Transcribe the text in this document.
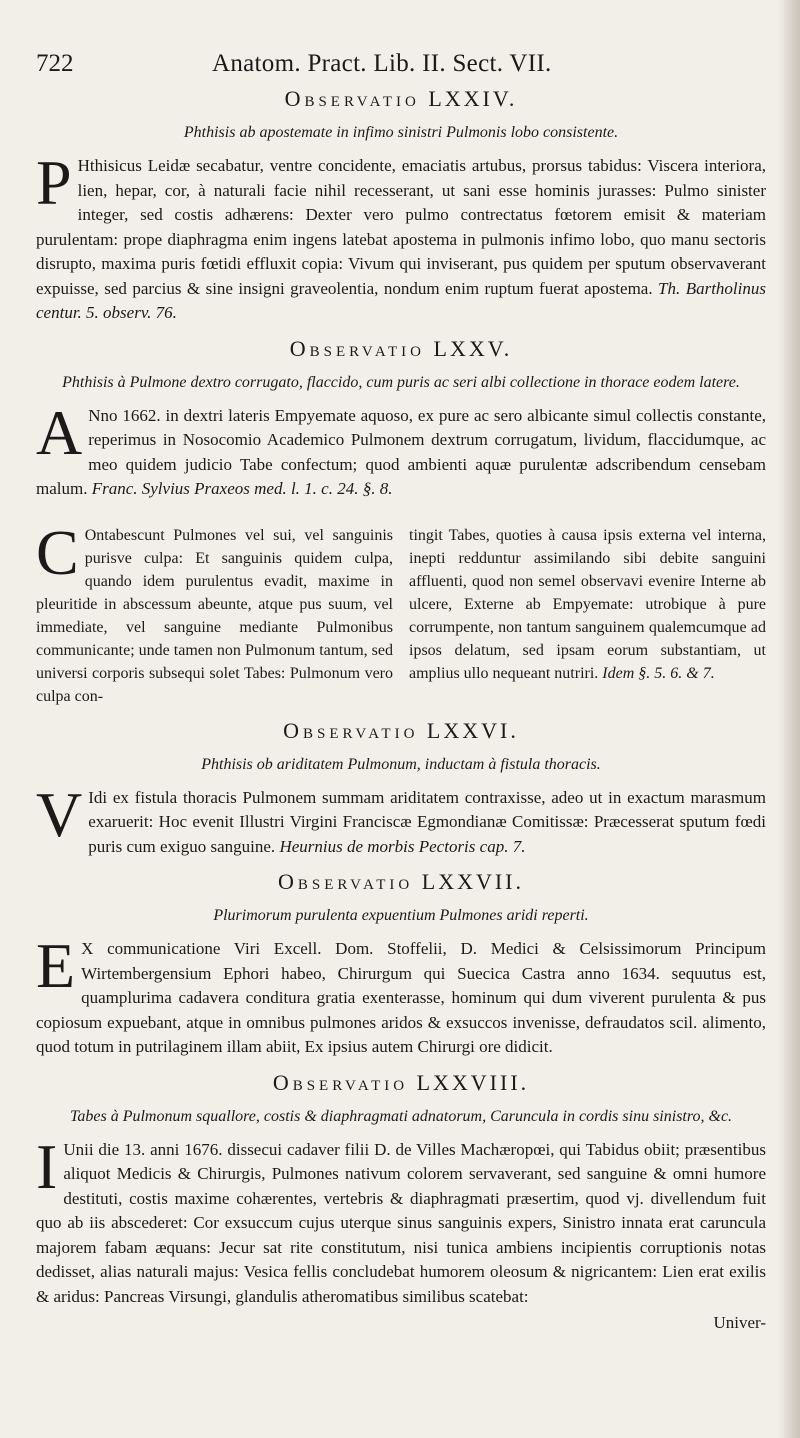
722	Anatom. Pract. Lib. II. Sect. VII.
Observatio LXXIV.
Phthisis ab apostemate in infimo sinistri Pulmonis lobo consistente.

P Hthisicus Leidæ secabatur, ventre concidente, emaciatis artubus, prorsus tabidus: Viscera interiora, lien, hepar, cor, à naturali facie nihil recesserant, ut sani esse hominis jurasses: Pulmo sinister integer, sed costis adhærens: Dexter vero pulmo contrectatus fœtorem emisit & materiam purulentam: prope diaphragma enim ingens latebat apostema in pulmonis infimo lobo, quo manu sectoris disrupto, maxima puris fœtidi effluxit copia: Vivum qui inviserant, pus quidem per sputum observaverant expuisse, sed parcius & sine insigni graveolentia, nondum enim ruptum fuerat apostema. Th. Bartholinus centur. 5. observ. 76.

Observatio LXXV.
Phthisis à Pulmone dextro corrugato, flaccido, cum puris ac seri albi collectione in thorace eodem latere.

A Nno 1662. in dextri lateris Empyemate aquoso, ex pure ac sero albicante simul collectis constante, reperimus in Nosocomio Academico Pulmonem dextrum corrugatum, lividum, flaccidumque, ac meo quidem judicio Tabe confectum; quod ambienti aquæ purulentæ adscribendum censebam malum. Franc. Sylvius Praxeos med. l. 1. c. 24. §. 8.

C Ontabescunt Pulmones vel sui, vel sanguinis purisve culpa: Et sanguinis quidem culpa, quando idem purulentus evadit, maxime in pleuritide in abscessum abeunte, atque pus suum, vel immediate, vel sanguine mediante Pulmonibus communicante; unde tamen non Pulmonum tantum, sed universi corporis subsequi solet Tabes: Pulmonum vero culpa con-
tingit Tabes, quoties à causa ipsis externa vel interna, inepti redduntur assimilando sibi debite sanguini affluenti, quod non semel observavi evenire Interne ab ulcere, Externe ab Empyemate: utrobique à pure corrumpente, non tantum sanguinem qualemcumque ad ipsos delatum, sed ipsam eorum substantiam, ut amplius ullo nequeant nutriri. Idem §. 5. 6. & 7.
Observatio LXXVI.
Phthisis ob ariditatem Pulmonum, inductam à fistula thoracis.

V Idi ex fistula thoracis Pulmonem summam ariditatem contraxisse, adeo ut in exactum marasmum exaruerit: Hoc evenit Illustri Virgini Franciscæ Egmondianæ Comitissæ: Præcesserat sputum fœdi puris cum exiguo sanguine. Heurnius de morbis Pectoris cap. 7.

Observatio LXXVII.
Plurimorum purulenta expuentium Pulmones aridi reperti.

E X communicatione Viri Excell. Dom. Stoffelii, D. Medici & Celsissimorum Principum Wirtembergensium Ephori habeo, Chirurgum qui Suecica Castra anno 1634. sequutus est, quamplurima cadavera conditura gratia exenterasse, hominum qui dum viverent purulenta & pus copiosum expuebant, atque in omnibus pulmones aridos & exsuccos invenisse, defraudatos scil. alimento, quod totum in putrilaginem illam abiit, Ex ipsius autem Chirurgi ore didicit.

Observatio LXXVIII.
Tabes à Pulmonum squallore, costis & diaphragmati adnatorum, Caruncula in cordis sinu sinistro, &c.

I Unii die 13. anni 1676. dissecui cadaver filii D. de Villes Machæropœi, qui Tabidus obiit; præsentibus aliquot Medicis & Chirurgis, Pulmones nativum colorem servaverant, sed sanguine & omni humore destituti, costis maxime cohærentes, vertebris & diaphragmati præsertim, quod vj. divellendum fuit quo ab iis abscederet: Cor exsuccum cujus uterque sinus sanguinis expers, Sinistro innata erat caruncula majorem fabam æquans: Jecur sat rite constitutum, nisi tunica ambiens incipientis corruptionis notas dedisset, alias naturali majus: Vesica fellis concludebat humorem oleosum & nigricantem: Lien erat exilis & aridus: Pancreas Virsungi, glandulis atheromatibus similibus scatebat:

Univer-
